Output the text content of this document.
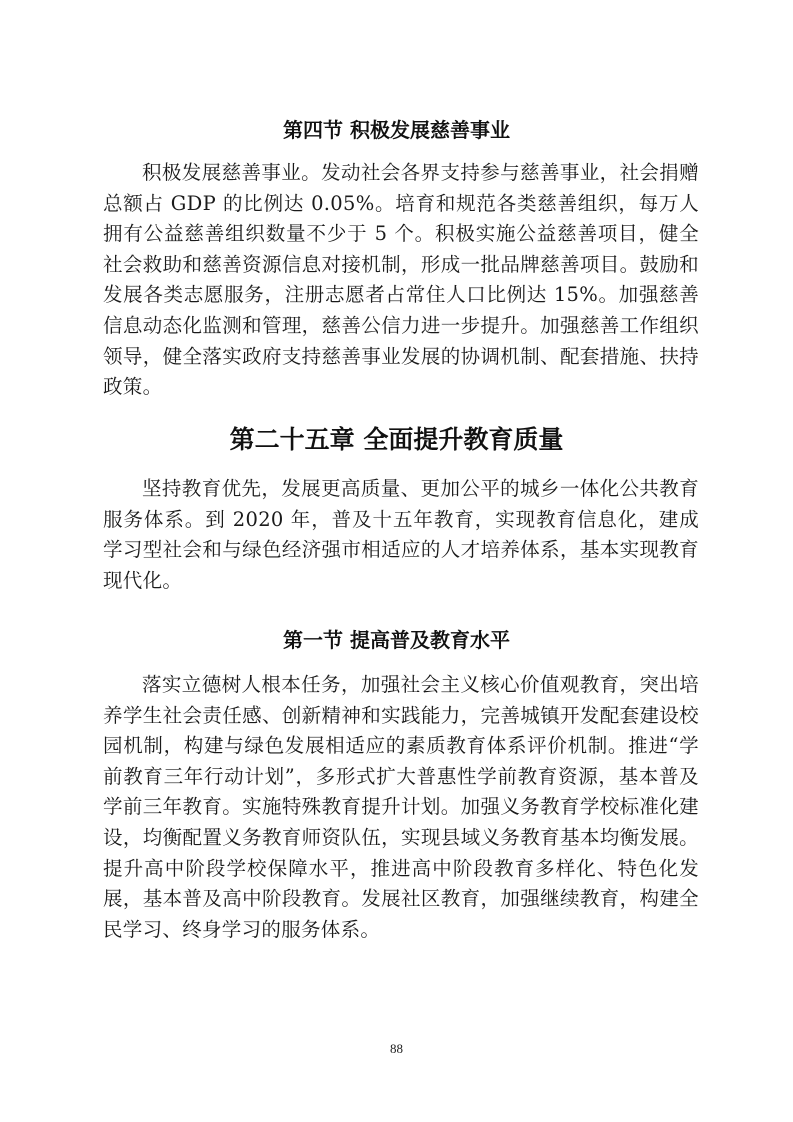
第四节 积极发展慈善事业

积极发展慈善事业。发动社会各界支持参与慈善事业，社会捐赠总额占 GDP 的比例达 0.05%。培育和规范各类慈善组织，每万人拥有公益慈善组织数量不少于 5 个。积极实施公益慈善项目，健全社会救助和慈善资源信息对接机制，形成一批品牌慈善项目。鼓励和发展各类志愿服务，注册志愿者占常住人口比例达 15%。加强慈善信息动态化监测和管理，慈善公信力进一步提升。加强慈善工作组织领导，健全落实政府支持慈善事业发展的协调机制、配套措施、扶持政策。

第二十五章 全面提升教育质量

坚持教育优先，发展更高质量、更加公平的城乡一体化公共教育服务体系。到 2020 年，普及十五年教育，实现教育信息化，建成学习型社会和与绿色经济强市相适应的人才培养体系，基本实现教育现代化。

第一节 提高普及教育水平

落实立德树人根本任务，加强社会主义核心价值观教育，突出培养学生社会责任感、创新精神和实践能力，完善城镇开发配套建设校园机制，构建与绿色发展相适应的素质教育体系评价机制。推进“学前教育三年行动计划”，多形式扩大普惠性学前教育资源，基本普及学前三年教育。实施特殊教育提升计划。加强义务教育学校标准化建设，均衡配置义务教育师资队伍，实现县域义务教育基本均衡发展。提升高中阶段学校保障水平，推进高中阶段教育多样化、特色化发展，基本普及高中阶段教育。发展社区教育，加强继续教育，构建全民学习、终身学习的服务体系。

88
